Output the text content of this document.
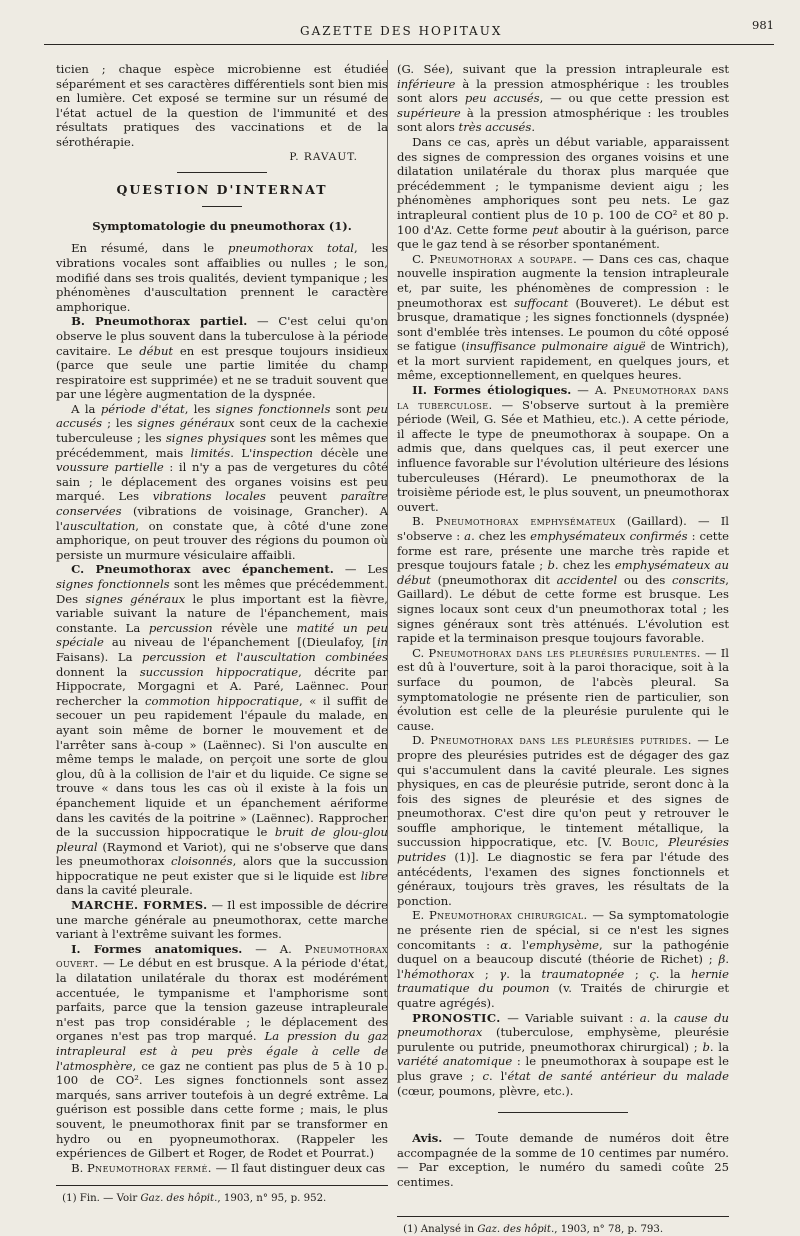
GAZETTE DES HOPITAUX	981

ticien ; chaque espèce microbienne est étudiée séparément et ses caractères différentiels sont bien mis en lumière. Cet exposé se termine sur un résumé de l'état actuel de la question de l'immunité et des résultats pratiques des vaccinations et de la sérothérapie.

P. RAVAUT.
QUESTION D'INTERNAT
Symptomatologie du pneumothorax (1).

En résumé, dans le pneumothorax total, les vibrations vocales sont affaiblies ou nulles ; le son, modifié dans ses trois qualités, devient tympanique ; les phénomènes d'auscultation prennent le caractère amphorique.

B. Pneumothorax partiel. — C'est celui qu'on observe le plus souvent dans la tuberculose à la période cavitaire. Le début en est presque toujours insidieux (parce que seule une partie limitée du champ respiratoire est supprimée) et ne se traduit souvent que par une légère augmentation de la dyspnée.

A la période d'état, les signes fonctionnels sont peu accusés ; les signes généraux sont ceux de la cachexie tuberculeuse ; les signes physiques sont les mêmes que précédemment, mais limités. L'inspection décèle une voussure partielle : il n'y a pas de vergetures du côté sain ; le déplacement des organes voisins est peu marqué. Les vibrations locales peuvent paraître conservées (vibrations de voisinage, Grancher). A l'auscultation, on constate que, à côté d'une zone amphorique, on peut trouver des régions du poumon où persiste un murmure vésiculaire affaibli.

C. Pneumothorax avec épanchement. — Les signes fonctionnels sont les mêmes que précédemment. Des signes généraux le plus important est la fièvre, variable suivant la nature de l'épanchement, mais constante. La percussion révèle une matité un peu spéciale au niveau de l'épanchement [(Dieulafoy, [in Faisans). La percussion et l'auscultation combinées donnent la succussion hippocratique, décrite par Hippocrate, Morgagni et A. Paré, Laënnec. Pour rechercher la commotion hippocratique, « il suffit de secouer un peu rapidement l'épaule du malade, en ayant soin même de borner le mouvement et de l'arrêter sans à-coup » (Laënnec). Si l'on ausculte en même temps le malade, on perçoit une sorte de glou glou, dû à la collision de l'air et du liquide. Ce signe se trouve « dans tous les cas où il existe à la fois un épanchement liquide et un épanchement aériforme dans les cavités de la poitrine » (Laënnec). Rapprocher de la succussion hippocratique le bruit de glou-glou pleural (Raymond et Variot), qui ne s'observe que dans les pneumothorax cloisonnés, alors que la succussion hippocratique ne peut exister que si le liquide est libre dans la cavité pleurale.

MARCHE. FORMES. — Il est impossible de décrire une marche générale au pneumothorax, cette marche variant à l'extrême suivant les formes.

I. Formes anatomiques. — A. Pneumothorax ouvert. — Le début en est brusque. A la période d'état, la dilatation unilatérale du thorax est modérément accentuée, le tympanisme et l'amphorisme sont parfaits, parce que la tension gazeuse intrapleurale n'est pas trop considérable ; le déplacement des organes n'est pas trop marqué. La pression du gaz intrapleural est à peu près égale à celle de l'atmosphère, ce gaz ne contient pas plus de 5 à 10 p. 100 de CO². Les signes fonctionnels sont assez marqués, sans arriver toutefois à un degré extrême. La guérison est possible dans cette forme ; mais, le plus souvent, le pneumothorax finit par se transformer en hydro ou en pyopneumothorax. (Rappeler les expériences de Gilbert et Roger, de Rodet et Pourrat.)

B. Pneumothorax fermé. — Il faut distinguer deux cas

(1) Fin. — Voir Gaz. des hôpit., 1903, n° 95, p. 952.

(G. Sée), suivant que la pression intrapleurale est inférieure à la pression atmosphérique : les troubles sont alors peu accusés, — ou que cette pression est supérieure à la pression atmosphérique : les troubles sont alors très accusés.

Dans ce cas, après un début variable, apparaissent des signes de compression des organes voisins et une dilatation unilatérale du thorax plus marquée que précédemment ; le tympanisme devient aigu ; les phénomènes amphoriques sont peu nets. Le gaz intrapleural contient plus de 10 p. 100 de CO² et 80 p. 100 d'Az. Cette forme peut aboutir à la guérison, parce que le gaz tend à se résorber spontanément.

C. Pneumothorax a soupape. — Dans ces cas, chaque nouvelle inspiration augmente la tension intrapleurale et, par suite, les phénomènes de compression : le pneumothorax est suffocant (Bouveret). Le début est brusque, dramatique ; les signes fonctionnels (dyspnée) sont d'emblée très intenses. Le poumon du côté opposé se fatigue (insuffisance pulmonaire aiguë de Wintrich), et la mort survient rapidement, en quelques jours, et même, exceptionnellement, en quelques heures.

II. Formes étiologiques. — A. Pneumothorax dans la tuberculose. — S'observe surtout à la première période (Weil, G. Sée et Mathieu, etc.). A cette période, il affecte le type de pneumothorax à soupape. On a admis que, dans quelques cas, il peut exercer une influence favorable sur l'évolution ultérieure des lésions tuberculeuses (Hérard). Le pneumothorax de la troisième période est, le plus souvent, un pneumothorax ouvert.

B. Pneumothorax emphysémateux (Gaillard). — Il s'observe : a. chez les emphysémateux confirmés : cette forme est rare, présente une marche très rapide et presque toujours fatale ; b. chez les emphysémateux au début (pneumothorax dit accidentel ou des conscrits, Gaillard). Le début de cette forme est brusque. Les signes locaux sont ceux d'un pneumothorax total ; les signes généraux sont très atténués. L'évolution est rapide et la terminaison presque toujours favorable.

C. Pneumothorax dans les pleurésies purulentes. — Il est dû à l'ouverture, soit à la paroi thoracique, soit à la surface du poumon, de l'abcès pleural. Sa symptomatologie ne présente rien de particulier, son évolution est celle de la pleurésie purulente qui le cause.

D. Pneumothorax dans les pleurésies putrides. — Le propre des pleurésies putrides est de dégager des gaz qui s'accumulent dans la cavité pleurale. Les signes physiques, en cas de pleurésie putride, seront donc à la fois des signes de pleurésie et des signes de pneumothorax. C'est dire qu'on peut y retrouver le souffle amphorique, le tintement métallique, la succussion hippocratique, etc. [V. Bouic, Pleurésies putrides (1)]. Le diagnostic se fera par l'étude des antécédents, l'examen des signes fonctionnels et généraux, toujours très graves, les résultats de la ponction.

E. Pneumothorax chirurgical. — Sa symptomatologie ne présente rien de spécial, si ce n'est les signes concomitants : α. l'emphysème, sur la pathogénie duquel on a beaucoup discuté (théorie de Richet) ; β. l'hémothorax ; γ. la traumatopnée ; ς. la hernie traumatique du poumon (v. Traités de chirurgie et quatre agrégés).

PRONOSTIC. — Variable suivant : a. la cause du pneumothorax (tuberculose, emphysème, pleurésie purulente ou putride, pneumothorax chirurgical) ; b. la variété anatomique : le pneumothorax à soupape est le plus grave ; c. l'état de santé antérieur du malade (cœur, poumons, plèvre, etc.).

Avis. — Toute demande de numéros doit être accompagnée de la somme de 10 centimes par numéro. — Par exception, le numéro du samedi coûte 25 centimes.

(1) Analysé in Gaz. des hôpit., 1903, n° 78, p. 793.
